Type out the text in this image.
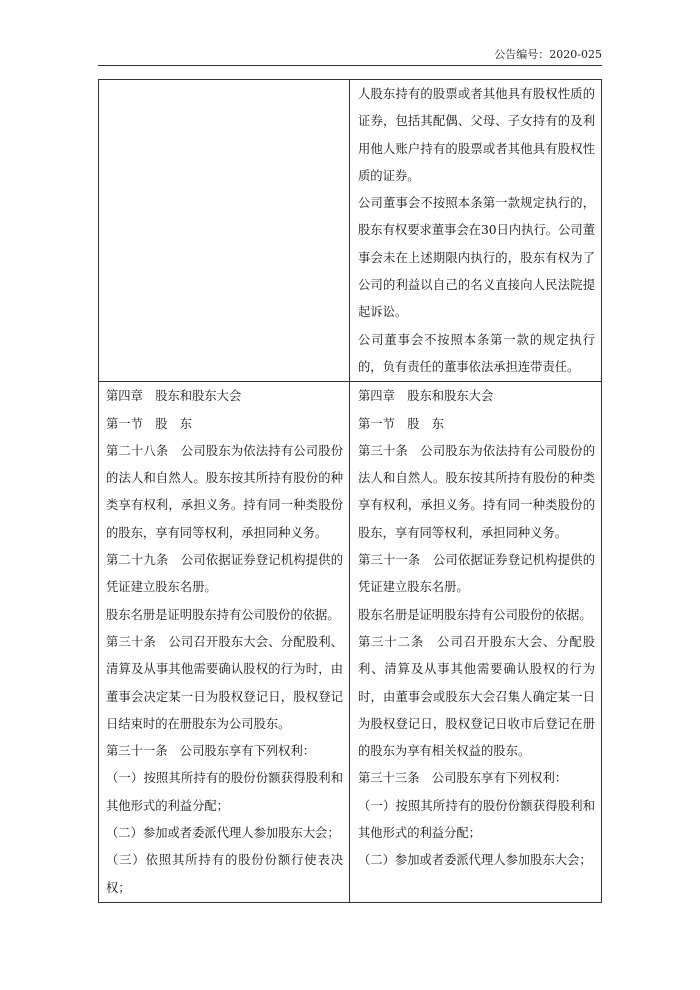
公告编号：2020-025

人股东持有的股票或者其他具有股权性质的证券，包括其配偶、父母、子女持有的及利用他人账户持有的股票或者其他具有股权性质的证券。

公司董事会不按照本条第一款规定执行的，股东有权要求董事会在30日内执行。公司董事会未在上述期限内执行的，股东有权为了公司的利益以自己的名义直接向人民法院提起诉讼。

公司董事会不按照本条第一款的规定执行的，负有责任的董事依法承担连带责任。

第四章　股东和股东大会

第一节　股　东

第二十八条　公司股东为依法持有公司股份的法人和自然人。股东按其所持有股份的种类享有权利，承担义务。持有同一种类股份的股东，享有同等权利，承担同种义务。

第二十九条　公司依据证券登记机构提供的凭证建立股东名册。

股东名册是证明股东持有公司股份的依据。

第三十条　公司召开股东大会、分配股利、清算及从事其他需要确认股权的行为时，由董事会决定某一日为股权登记日，股权登记日结束时的在册股东为公司股东。

第三十一条　公司股东享有下列权利：

（一）按照其所持有的股份份额获得股利和其他形式的利益分配；

（二）参加或者委派代理人参加股东大会；

（三）依照其所持有的股份份额行使表决权；

第四章　股东和股东大会

第一节　股　东

第三十条　公司股东为依法持有公司股份的法人和自然人。股东按其所持有股份的种类享有权利，承担义务。持有同一种类股份的股东，享有同等权利，承担同种义务。

第三十一条　公司依据证券登记机构提供的凭证建立股东名册。

股东名册是证明股东持有公司股份的依据。

第三十二条　公司召开股东大会、分配股利、清算及从事其他需要确认股权的行为时，由董事会或股东大会召集人确定某一日为股权登记日，股权登记日收市后登记在册的股东为享有相关权益的股东。

第三十三条　公司股东享有下列权利：

（一）按照其所持有的股份份额获得股利和其他形式的利益分配；

（二）参加或者委派代理人参加股东大会；
